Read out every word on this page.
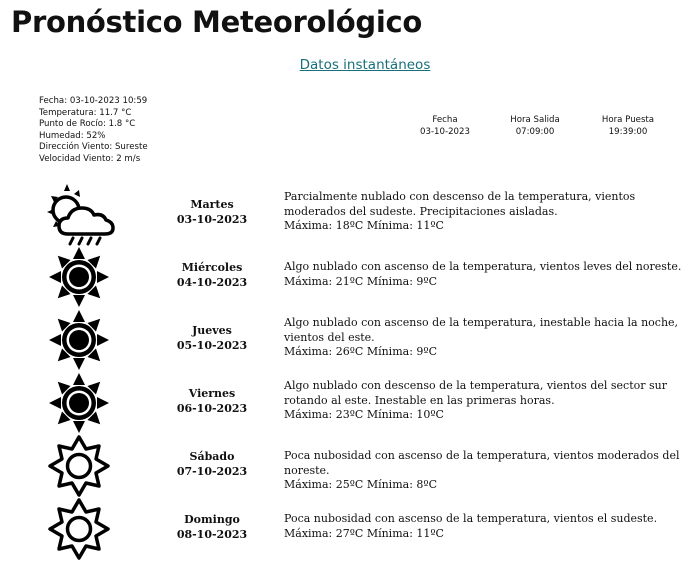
Pronóstico Meteorológico
Datos instantáneos
Fecha: 03-10-2023 10:59
Temperatura: 11.7 °C
Punto de Rocío: 1.8 °C
Humedad: 52%
Dirección Viento: Sureste
Velocidad Viento: 2 m/s
Fecha
03-10-2023
Hora Salida
07:09:00
Hora Puesta
19:39:00
Martes
03-10-2023
Parcialmente nublado con descenso de la temperatura, vientos moderados del sudeste. Precipitaciones aisladas.
Máxima: 18ºC Mínima: 11ºC
Miércoles
04-10-2023
Algo nublado con ascenso de la temperatura, vientos leves del noreste.
Máxima: 21ºC Mínima: 9ºC
Jueves
05-10-2023
Algo nublado con ascenso de la temperatura, inestable hacia la noche, vientos del este.
Máxima: 26ºC Mínima: 9ºC
Viernes
06-10-2023
Algo nublado con descenso de la temperatura, vientos del sector sur rotando al este. Inestable en las primeras horas.
Máxima: 23ºC Mínima: 10ºC
Sábado
07-10-2023
Poca nubosidad con ascenso de la temperatura, vientos moderados del noreste.
Máxima: 25ºC Mínima: 8ºC
Domingo
08-10-2023
Poca nubosidad con ascenso de la temperatura, vientos el sudeste.
Máxima: 27ºC Mínima: 11ºC
